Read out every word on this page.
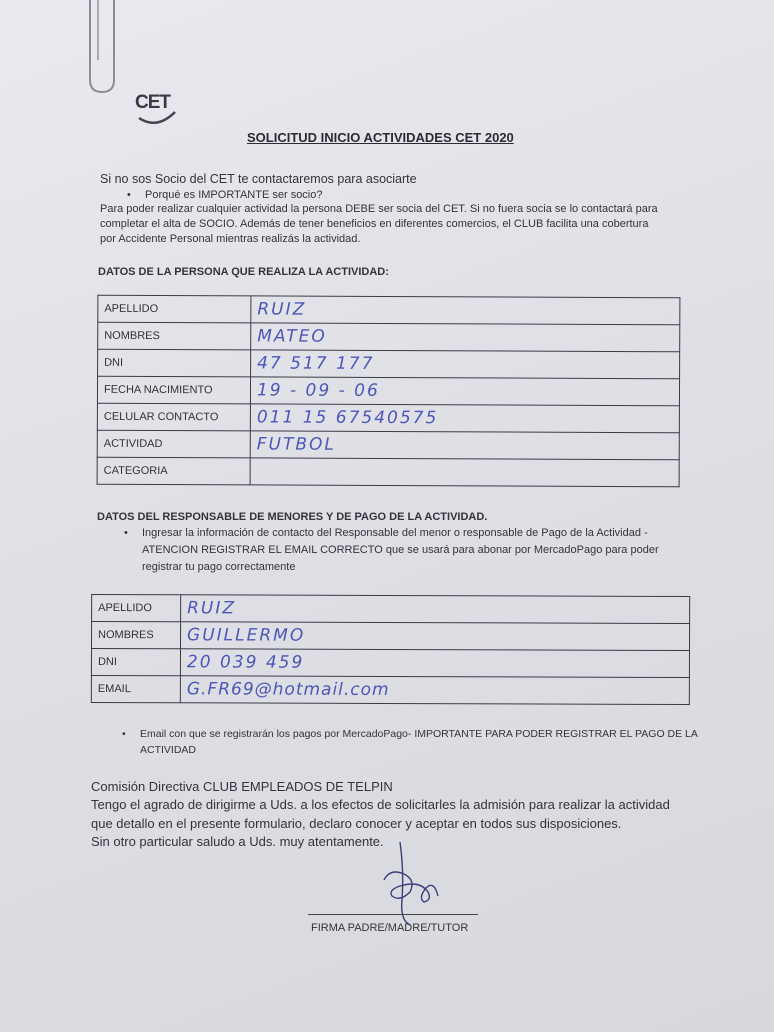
CET
SOLICITUD INICIO ACTIVIDADES CET 2020
Si no sos Socio del CET te contactaremos para asociarte
• Porqué es IMPORTANTE ser socio?
Para poder realizar cualquier actividad la persona DEBE ser socia del CET. Si no fuera socia se lo contactará para
completar el alta de SOCIO. Además de tener beneficios en diferentes comercios, el CLUB facilita una cobertura
por Accidente Personal mientras realizás la actividad.
DATOS DE LA PERSONA QUE REALIZA LA ACTIVIDAD:
APELLIDO	RUIZ
NOMBRES	MATEO
DNI	47 517 177
FECHA NACIMIENTO	19 - 09 - 06
CELULAR CONTACTO	011 15 67540575
ACTIVIDAD	FUTBOL
CATEGORIA	
DATOS DEL RESPONSABLE DE MENORES Y DE PAGO DE LA ACTIVIDAD.
• Ingresar la información de contacto del Responsable del menor o responsable de Pago de la Actividad -
ATENCION REGISTRAR EL EMAIL CORRECTO que se usará para abonar por MercadoPago para poder
registrar tu pago correctamente
APELLIDO	RUIZ
NOMBRES	GUILLERMO
DNI	20 039 459
EMAIL	G.FR69@hotmail.com
• Email con que se registrarán los pagos por MercadoPago- IMPORTANTE PARA PODER REGISTRAR EL PAGO DE LA
ACTIVIDAD
Comisión Directiva CLUB EMPLEADOS DE TELPIN
Tengo el agrado de dirigirme a Uds. a los efectos de solicitarles la admisión para realizar la actividad
que detallo en el presente formulario, declaro conocer y aceptar en todos sus disposiciones.
Sin otro particular saludo a Uds. muy atentamente.
FIRMA PADRE/MADRE/TUTOR
